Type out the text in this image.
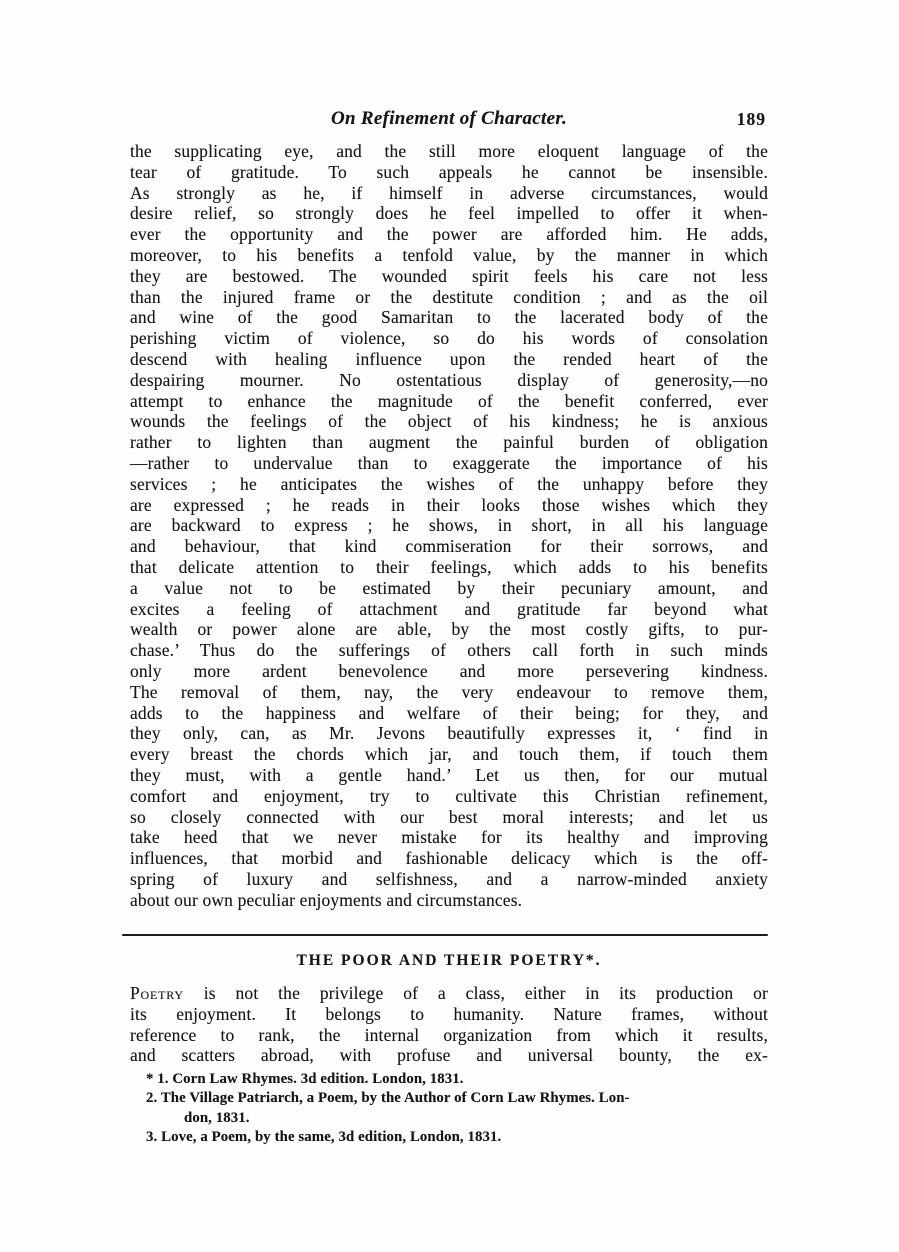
On Refinement of Character.	189
the supplicating eye, and the still more eloquent language of the
tear of gratitude. To such appeals he cannot be insensible.
As strongly as he, if himself in adverse circumstances, would
desire relief, so strongly does he feel impelled to offer it when-
ever the opportunity and the power are afforded him. He adds,
moreover, to his benefits a tenfold value, by the manner in which
they are bestowed. The wounded spirit feels his care not less
than the injured frame or the destitute condition ; and as the oil
and wine of the good Samaritan to the lacerated body of the
perishing victim of violence, so do his words of consolation
descend with healing influence upon the rended heart of the
despairing mourner. No ostentatious display of generosity,—no
attempt to enhance the magnitude of the benefit conferred, ever
wounds the feelings of the object of his kindness; he is anxious
rather to lighten than augment the painful burden of obligation
—rather to undervalue than to exaggerate the importance of his
services ; he anticipates the wishes of the unhappy before they
are expressed ; he reads in their looks those wishes which they
are backward to express ; he shows, in short, in all his language
and behaviour, that kind commiseration for their sorrows, and
that delicate attention to their feelings, which adds to his benefits
a value not to be estimated by their pecuniary amount, and
excites a feeling of attachment and gratitude far beyond what
wealth or power alone are able, by the most costly gifts, to pur-
chase.’ Thus do the sufferings of others call forth in such minds
only more ardent benevolence and more persevering kindness.
The removal of them, nay, the very endeavour to remove them,
adds to the happiness and welfare of their being; for they, and
they only, can, as Mr. Jevons beautifully expresses it, ‘ find in
every breast the chords which jar, and touch them, if touch them
they must, with a gentle hand.’ Let us then, for our mutual
comfort and enjoyment, try to cultivate this Christian refinement,
so closely connected with our best moral interests; and let us
take heed that we never mistake for its healthy and improving
influences, that morbid and fashionable delicacy which is the off-
spring of luxury and selfishness, and a narrow-minded anxiety
about our own peculiar enjoyments and circumstances.
THE POOR AND THEIR POETRY*.
Poetry is not the privilege of a class, either in its production or
its enjoyment. It belongs to humanity. Nature frames, without
reference to rank, the internal organization from which it results,
and scatters abroad, with profuse and universal bounty, the ex-
* 1. Corn Law Rhymes. 3d edition. London, 1831.
2. The Village Patriarch, a Poem, by the Author of Corn Law Rhymes. Lon-
don, 1831.
3. Love, a Poem, by the same, 3d edition, London, 1831.
